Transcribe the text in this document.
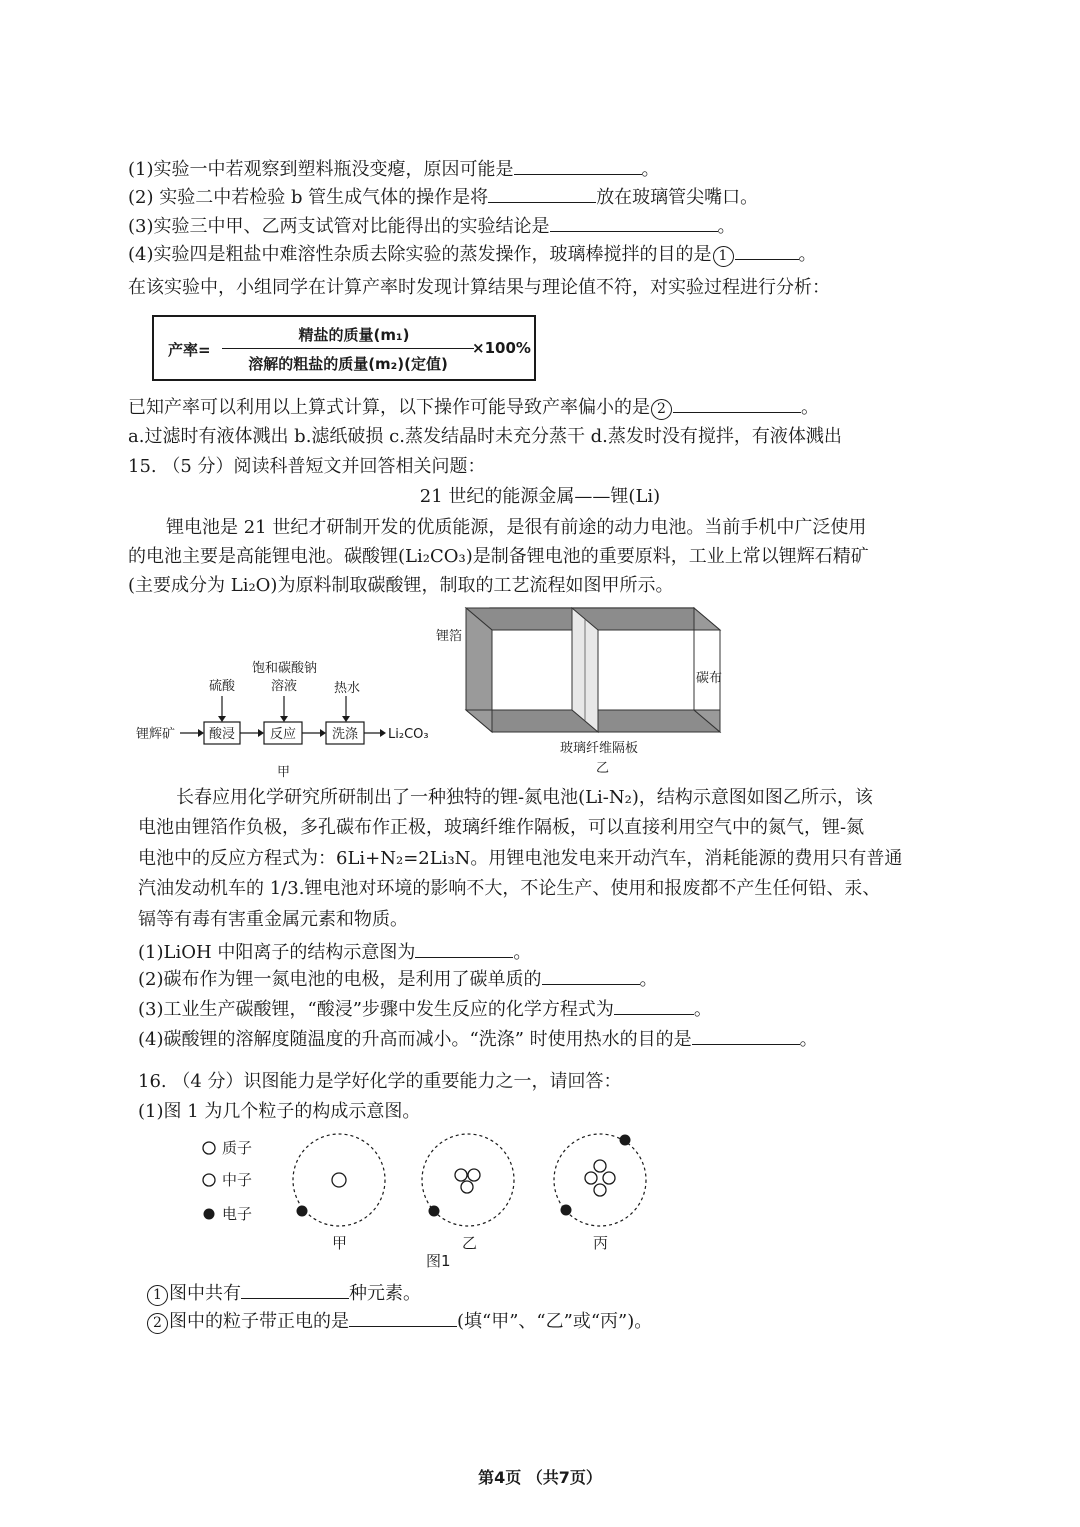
(1)实验一中若观察到塑料瓶没变瘪，原因可能是	。
(2) 实验二中若检验 b 管生成气体的操作是将	放在玻璃管尖嘴口。
(3)实验三中甲、乙两支试管对比能得出的实验结论是	。
(4)实验四是粗盐中难溶性杂质去除实验的蒸发操作，玻璃棒搅拌的目的是 1	。
在该实验中，小组同学在计算产率时发现计算结果与理论值不符，对实验过程进行分析：
产率=
精盐的质量(m₁)
溶解的粗盐的质量(m₂)(定值)
×100%
已知产率可以利用以上算式计算，以下操作可能导致产率偏小的是 2	。
a.过滤时有液体溅出 b.滤纸破损 c.蒸发结晶时未充分蒸干 d.蒸发时没有搅拌，有液体溅出
15. （5 分）阅读科普短文并回答相关问题：
21 世纪的能源金属——锂(Li)
锂电池是 21 世纪才研制开发的优质能源，是很有前途的动力电池。当前手机中广泛使用
的电池主要是高能锂电池。碳酸锂(Li₂CO₃)是制备锂电池的重要原料，工业上常以锂辉石精矿
(主要成分为 Li₂O)为原料制取碳酸锂，制取的工艺流程如图甲所示。
硫酸
饱和碳酸钠
溶液	热水
锂辉矿	酸浸	反应	洗涤 Li₂CO₃
甲
锂箔
碳布
玻璃纤维隔板
乙
长春应用化学研究所研制出了一种独特的锂-氮电池(Li-N₂)，结构示意图如图乙所示，该
电池由锂箔作负极，多孔碳布作正极，玻璃纤维作隔板，可以直接利用空气中的氮气，锂-氮
电池中的反应方程式为：6Li+N₂=2Li₃N。用锂电池发电来开动汽车，消耗能源的费用只有普通
汽油发动机车的 1/3.锂电池对环境的影响不大，不论生产、使用和报废都不产生任何铅、汞、
镉等有毒有害重金属元素和物质。
(1)LiOH 中阳离子的结构示意图为	。
(2)碳布作为锂一氮电池的电极，是利用了碳单质的	。
(3)工业生产碳酸锂，“酸浸”步骤中发生反应的化学方程式为	。
(4)碳酸锂的溶解度随温度的升高而减小。“洗涤” 时使用热水的目的是	。
16. （4 分）识图能力是学好化学的重要能力之一，请回答：
(1)图 1 为几个粒子的构成示意图。
质子
中子
电子
甲	乙	丙
图1
1 图中共有	种元素。
2 图中的粒子带正电的是	(填“甲”、“乙”或“丙”)。
第4页 （共7页）
